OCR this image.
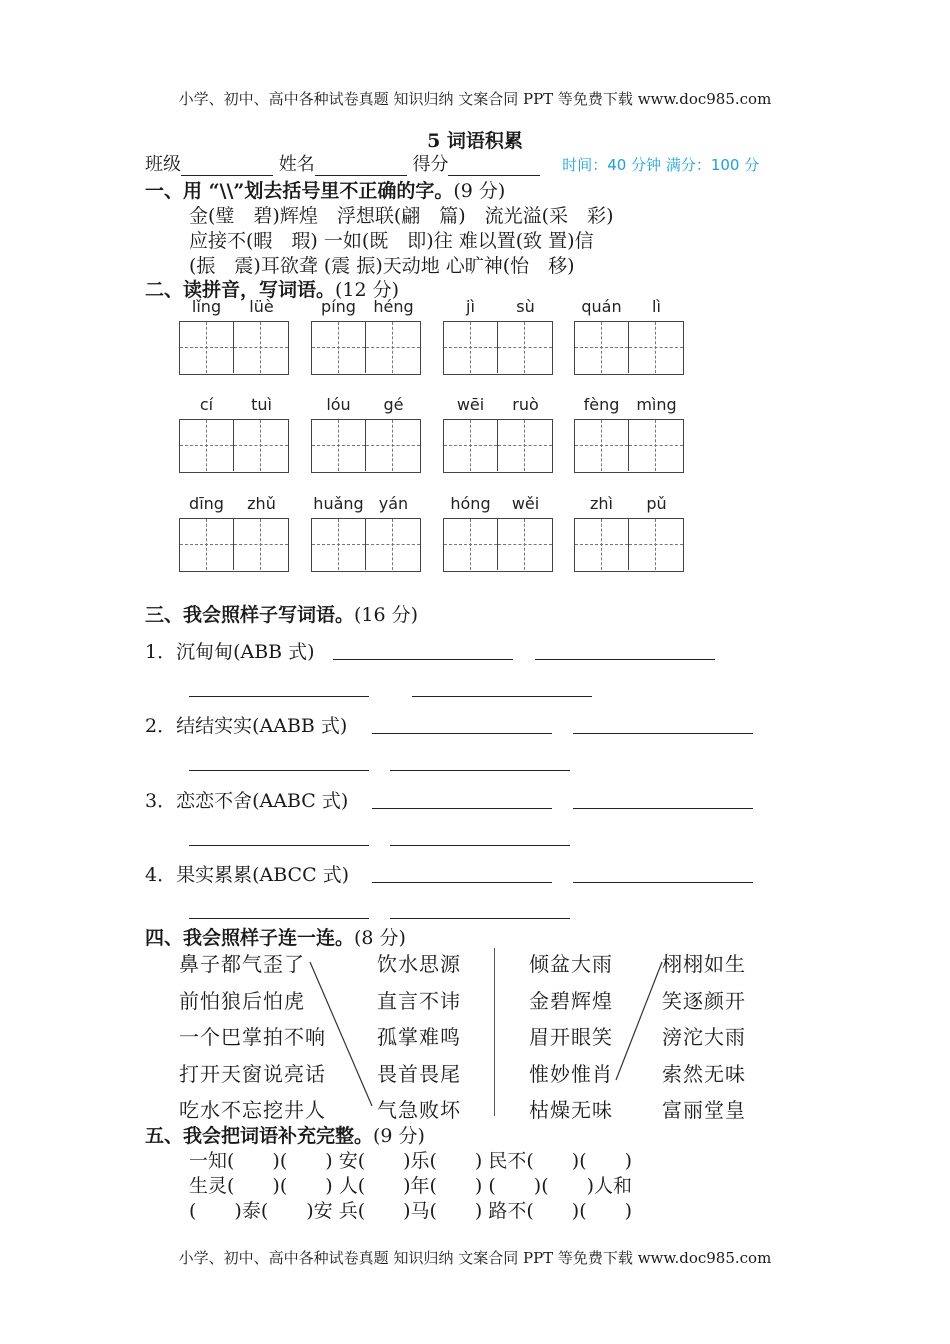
小学、初中、高中各种试卷真题 知识归纳 文案合同 PPT 等免费下载 www.doc985.com
5 词语积累
班级	姓名	得分	时间：40 分钟 满分：100 分
一、用 “\\”划去括号里不正确的字。(9 分)
金(璧　碧)辉煌　浮想联(翩　篇)　流光溢(采　彩)
应接不(暇　瑕) 一如(既　即)往 难以置(致 置)信
(振　震)耳欲聋 (震 振)天动地 心旷神(怡　移)
二、读拼音，写词语。(12 分)
lǐng	lüè	píng	héng	jì	sù	quán	lì
cí	tuì	lóu	gé	wēi	ruò	fèng	mìng
dīng	zhǔ	huǎng yán	hóng	wěi	zhì	pǔ
三、我会照样子写词语。(16 分)
1．沉甸甸(ABB 式)
2．结结实实(AABB 式)
3．恋恋不舍(AABC 式)
4．果实累累(ABCC 式)
四、我会照样子连一连。(8 分)
鼻子都气歪了
前怕狼后怕虎
一个巴掌拍不响
打开天窗说亮话
吃水不忘挖井人
饮水思源
直言不讳
孤掌难鸣
畏首畏尾
气急败坏
倾盆大雨
金碧辉煌
眉开眼笑
惟妙惟肖
枯燥无味
栩栩如生
笑逐颜开
滂沱大雨
索然无味
富丽堂皇
五、我会把词语补充完整。(9 分)
一知(　　)(　　) 安(　　)乐(　　) 民不(　　)(　　)
生灵(　　)(　　) 人(　　)年(　　) (　　)(　　)人和
(　　)泰(　　)安 兵(　　)马(　　) 路不(　　)(　　)
小学、初中、高中各种试卷真题 知识归纳 文案合同 PPT 等免费下载 www.doc985.com
